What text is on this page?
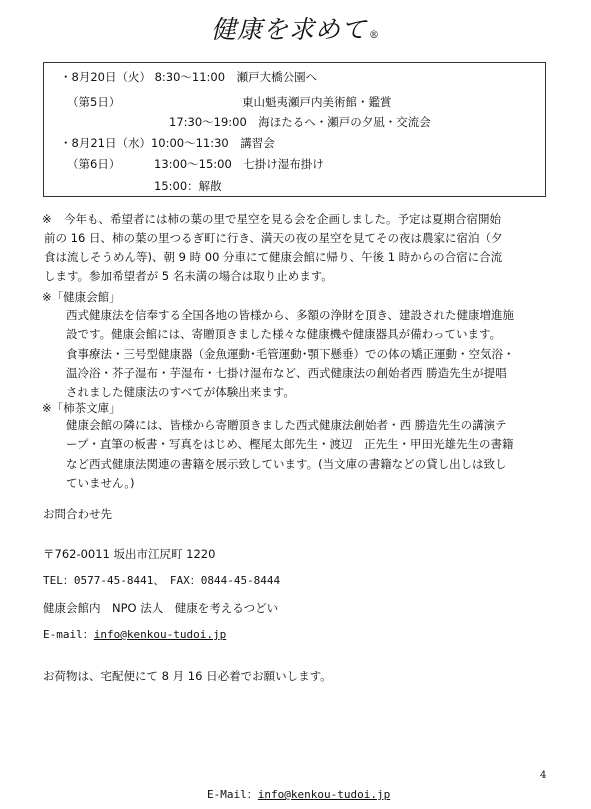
健康を求めて ®
・8月20日（火） 8:30～11:00　瀬戸大橋公園へ
（第5日）	東山魁夷瀬戸内美術館・鑑賞
17:30～19:00　海ほたるへ・瀬戸の夕凪・交流会
・8月21日（水）10:00～11:30　講習会
（第6日）	13:00～15:00　七掛け湿布掛け
15:00：解散
※ 今年も、希望者には柿の葉の里で星空を見る会を企画しました。予定は夏期合宿開始
前の 16 日、柿の葉の里つるぎ町に行き、満天の夜の星空を見てその夜は農家に宿泊（夕
食は流しそうめん等)、朝 9 時 00 分車にて健康会館に帰り、午後 1 時からの合宿に合流
します。参加希望者が 5 名未満の場合は取り止めます。
※「健康会館」
西式健康法を信奉する全国各地の皆様から、多額の浄財を頂き、建設された健康増進施
設です。健康会館には、寄贈頂きました様々な健康機や健康器具が備わっています。
食事療法・三号型健康器（金魚運動･毛管運動･顎下懸垂）での体の矯正運動・空気浴・
温冷浴・芥子湿布・芋湿布・七掛け湿布など、西式健康法の創始者西 勝造先生が提唱
されました健康法のすべてが体験出来ます。
※「柿茶文庫」
健康会館の隣には、皆様から寄贈頂きました西式健康法創始者・西 勝造先生の講演テ
ープ・直筆の板書・写真をはじめ、樫尾太郎先生・渡辺　正先生・甲田光雄先生の書籍
など西式健康法関連の書籍を展示致しています。(当文庫の書籍などの貸し出しは致し
ていません。)
お問合わせ先
〒762-0011 坂出市江尻町 1220
TEL：0577-45-8441、　FAX：0844-45-8444
健康会館内　NPO 法人　健康を考えるつどい
E-mail：info@kenkou-tudoi.jp
お荷物は、宅配便にて 8 月 16 日必着でお願いします。
4
E-Mail：info@kenkou-tudoi.jp
